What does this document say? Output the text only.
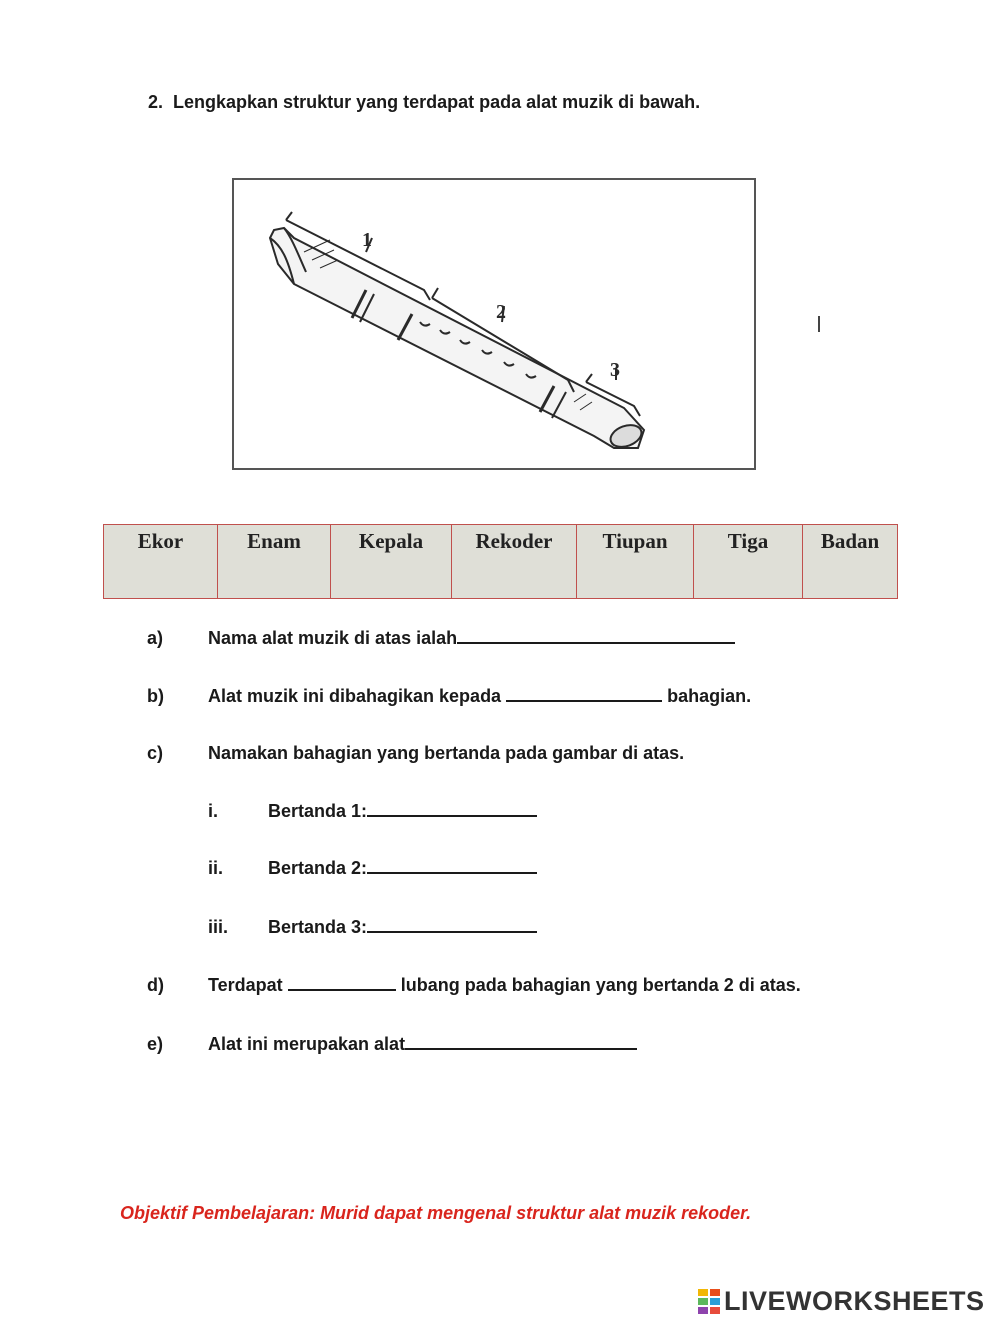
2. Lengkapkan struktur yang terdapat pada alat muzik di bawah.
1
2
3
Ekor	Enam	Kepala	Rekoder	Tiupan	Tiga	Badan
a) Nama alat muzik di atas ialah
b) Alat muzik ini dibahagikan kepada	bahagian.
c) Namakan bahagian yang bertanda pada gambar di atas.
i.	Bertanda 1:
ii. Bertanda 2:
iii. Bertanda 3:
d) Terdapat	lubang pada bahagian yang bertanda 2 di atas.
e) Alat ini merupakan alat
Objektif Pembelajaran: Murid dapat mengenal struktur alat muzik rekoder.
LIVEWORKSHEETS
